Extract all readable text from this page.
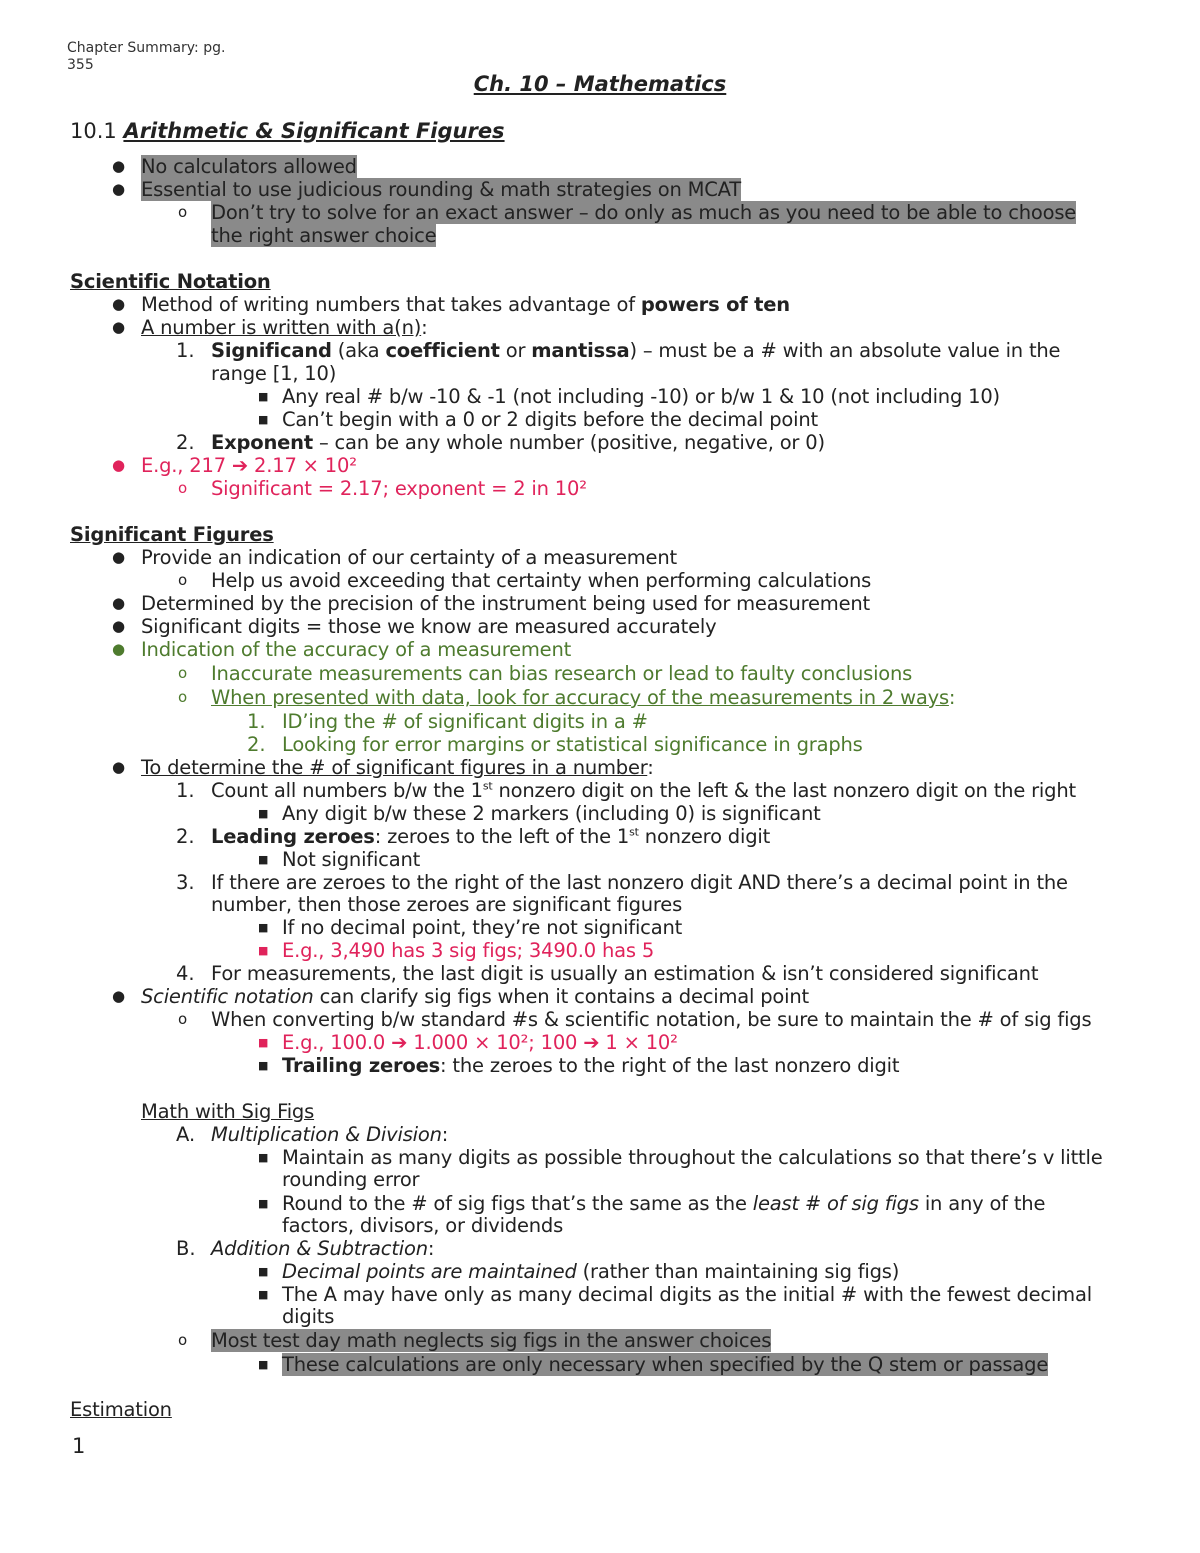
Chapter Summary: pg.
355
Ch. 10 – Mathematics
10.1 Arithmetic & Significant Figures
● No calculators allowed
● Essential to use judicious rounding & math strategies on MCAT
o Don’t try to solve for an exact answer – do only as much as you need to be able to choose
the right answer choice
Scientific Notation
● Method of writing numbers that takes advantage of powers of ten
● A number is written with a(n):
1. Significand (aka coefficient or mantissa) – must be a # with an absolute value in the
range [1, 10)
■ Any real # b/w -10 & -1 (not including -10) or b/w 1 & 10 (not including 10)
■ Can’t begin with a 0 or 2 digits before the decimal point
2. Exponent – can be any whole number (positive, negative, or 0)
● E.g., 217 ➔ 2.17 × 10²
o Significant = 2.17; exponent = 2 in 10²
Significant Figures
● Provide an indication of our certainty of a measurement
o Help us avoid exceeding that certainty when performing calculations
● Determined by the precision of the instrument being used for measurement
● Significant digits = those we know are measured accurately
● Indication of the accuracy of a measurement
o Inaccurate measurements can bias research or lead to faulty conclusions
o When presented with data, look for accuracy of the measurements in 2 ways:
1. ID’ing the # of significant digits in a #
2. Looking for error margins or statistical significance in graphs
● To determine the # of significant figures in a number:
1. Count all numbers b/w the 1st nonzero digit on the left & the last nonzero digit on the right
■ Any digit b/w these 2 markers (including 0) is significant
2. Leading zeroes: zeroes to the left of the 1st nonzero digit
■ Not significant
3. If there are zeroes to the right of the last nonzero digit AND there’s a decimal point in the
number, then those zeroes are significant figures
■ If no decimal point, they’re not significant
■ E.g., 3,490 has 3 sig figs; 3490.0 has 5
4. For measurements, the last digit is usually an estimation & isn’t considered significant
● Scientific notation can clarify sig figs when it contains a decimal point
o When converting b/w standard #s & scientific notation, be sure to maintain the # of sig figs
■ E.g., 100.0 ➔ 1.000 × 10²; 100 ➔ 1 × 10²
■ Trailing zeroes: the zeroes to the right of the last nonzero digit
Math with Sig Figs
A. Multiplication & Division:
■ Maintain as many digits as possible throughout the calculations so that there’s v little
rounding error
■ Round to the # of sig figs that’s the same as the least # of sig figs in any of the
factors, divisors, or dividends
B. Addition & Subtraction:
■ Decimal points are maintained (rather than maintaining sig figs)
■ The A may have only as many decimal digits as the initial # with the fewest decimal
digits
o Most test day math neglects sig figs in the answer choices
■ These calculations are only necessary when specified by the Q stem or passage
Estimation
1
